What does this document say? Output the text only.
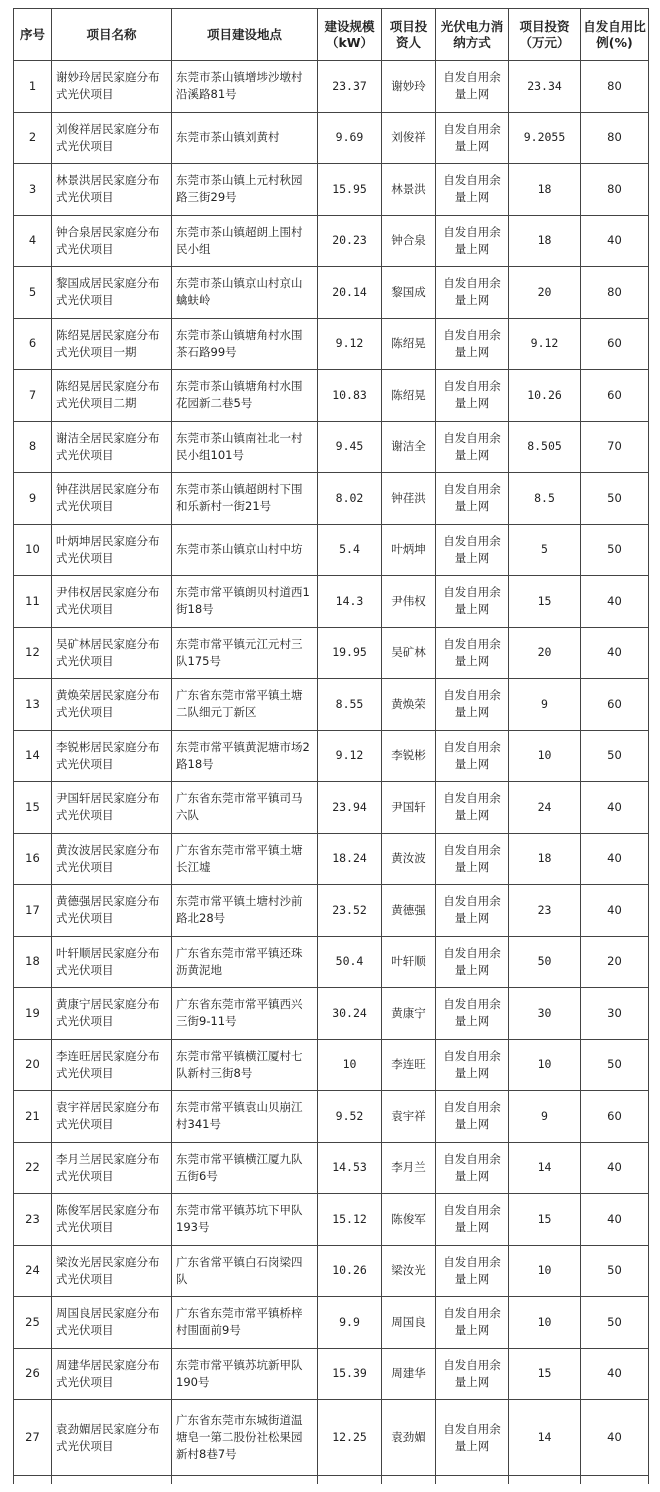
序号	项目名称	项目建设地点	建设规模（kW）	项目投资人	光伏电力消纳方式	项目投资（万元）	自发自用比例(%)
1	谢妙玲居民家庭分布式光伏项目	东莞市茶山镇增埗沙墩村沿溪路81号	23.37	谢妙玲	自发自用余量上网	23.34	80
2	刘俊祥居民家庭分布式光伏项目	东莞市茶山镇刘黄村	9.69	刘俊祥	自发自用余量上网	9.2055	80
3	林景洪居民家庭分布式光伏项目	东莞市茶山镇上元村秋园路三街29号	15.95	林景洪	自发自用余量上网	18	80
4	钟合泉居民家庭分布式光伏项目	东莞市茶山镇超朗上围村民小组	20.23	钟合泉	自发自用余量上网	18	40
5	黎国成居民家庭分布式光伏项目	东莞市茶山镇京山村京山蠄蚨岭	20.14	黎国成	自发自用余量上网	20	80
6	陈绍晃居民家庭分布式光伏项目一期	东莞市茶山镇塘角村水围茶石路99号	9.12	陈绍晃	自发自用余量上网	9.12	60
7	陈绍晃居民家庭分布式光伏项目二期	东莞市茶山镇塘角村水围花园新二巷5号	10.83	陈绍晃	自发自用余量上网	10.26	60
8	谢洁全居民家庭分布式光伏项目	东莞市茶山镇南社北一村民小组101号	9.45	谢洁全	自发自用余量上网	8.505	70
9	钟荏洪居民家庭分布式光伏项目	东莞市茶山镇超朗村下围和乐新村一街21号	8.02	钟荏洪	自发自用余量上网	8.5	50
10	叶炳坤居民家庭分布式光伏项目	东莞市茶山镇京山村中坊	5.4	叶炳坤	自发自用余量上网	5	50
11	尹伟权居民家庭分布式光伏项目	东莞市常平镇朗贝村道西1街18号	14.3	尹伟权	自发自用余量上网	15	40
12	吴矿林居民家庭分布式光伏项目	东莞市常平镇元江元村三队175号	19.95	吴矿林	自发自用余量上网	20	40
13	黄焕荣居民家庭分布式光伏项目	广东省东莞市常平镇土塘二队细元丁新区	8.55	黄焕荣	自发自用余量上网	9	60
14	李锐彬居民家庭分布式光伏项目	东莞市常平镇黄泥塘市场2路18号	9.12	李锐彬	自发自用余量上网	10	50
15	尹国轩居民家庭分布式光伏项目	广东省东莞市常平镇司马六队	23.94	尹国轩	自发自用余量上网	24	40
16	黄汝波居民家庭分布式光伏项目	广东省东莞市常平镇土塘长江墟	18.24	黄汝波	自发自用余量上网	18	40
17	黄德强居民家庭分布式光伏项目	东莞市常平镇土塘村沙前路北28号	23.52	黄德强	自发自用余量上网	23	40
18	叶轩顺居民家庭分布式光伏项目	广东省东莞市常平镇还珠沥黄泥地	50.4	叶轩顺	自发自用余量上网	50	20
19	黄康宁居民家庭分布式光伏项目	广东省东莞市常平镇西兴三街9-11号	30.24	黄康宁	自发自用余量上网	30	30
20	李连旺居民家庭分布式光伏项目	东莞市常平镇横江厦村七队新村三街8号	10	李连旺	自发自用余量上网	10	50
21	袁宇祥居民家庭分布式光伏项目	东莞市常平镇袁山贝崩江村341号	9.52	袁宇祥	自发自用余量上网	9	60
22	李月兰居民家庭分布式光伏项目	东莞市常平镇横江厦九队五街6号	14.53	李月兰	自发自用余量上网	14	40
23	陈俊军居民家庭分布式光伏项目	东莞市常平镇苏坑下甲队193号	15.12	陈俊军	自发自用余量上网	15	40
24	梁汝光居民家庭分布式光伏项目	广东省常平镇白石岗梁四队	10.26	梁汝光	自发自用余量上网	10	50
25	周国良居民家庭分布式光伏项目	广东省东莞市常平镇桥梓村围面前9号	9.9	周国良	自发自用余量上网	10	50
26	周建华居民家庭分布式光伏项目	东莞市常平镇苏坑新甲队190号	15.39	周建华	自发自用余量上网	15	40
27	袁劲媚居民家庭分布式光伏项目	广东省东莞市东城街道温塘皂一第二股份社松果园新村8巷7号	12.25	袁劲媚	自发自用余量上网	14	40
